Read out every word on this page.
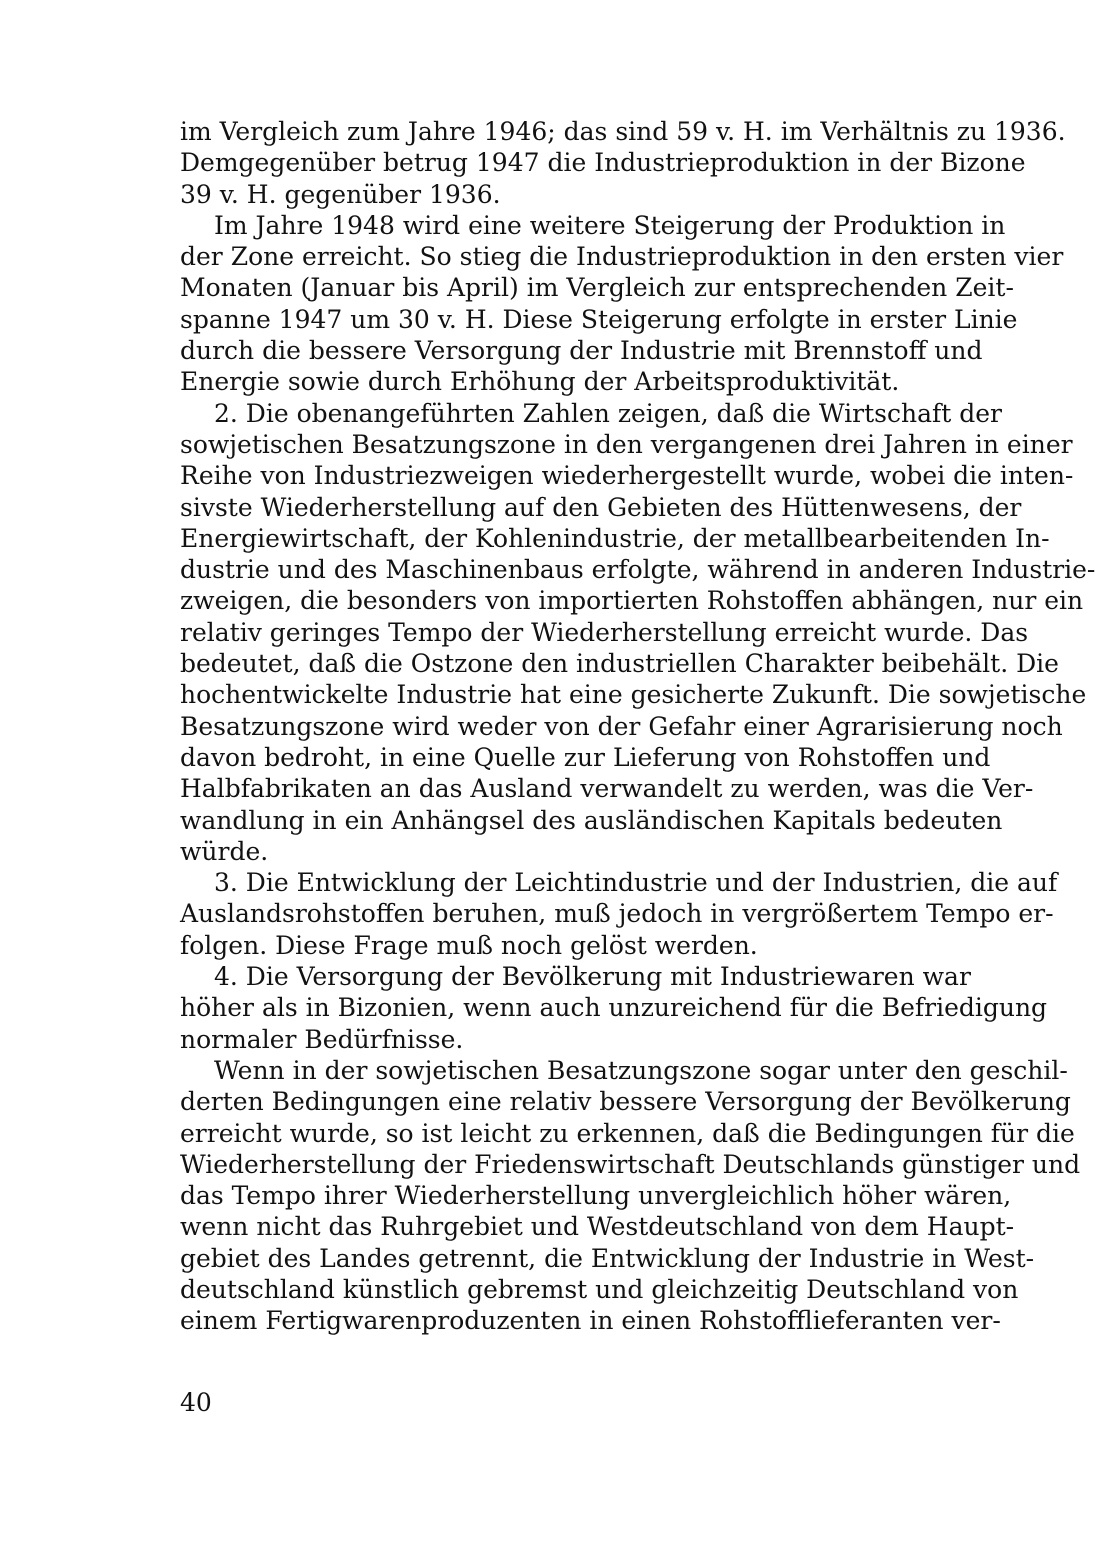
im Vergleich zum Jahre 1946; das sind 59 v. H. im Verhältnis zu 1936.
Demgegenüber betrug 1947 die Industrieproduktion in der Bizone
39 v. H. gegenüber 1936.
Im Jahre 1948 wird eine weitere Steigerung der Produktion in
der Zone erreicht. So stieg die Industrieproduktion in den ersten vier
Monaten (Januar bis April) im Vergleich zur entsprechenden Zeit-
spanne 1947 um 30 v. H. Diese Steigerung erfolgte in erster Linie
durch die bessere Versorgung der Industrie mit Brennstoff und
Energie sowie durch Erhöhung der Arbeitsproduktivität.
2. Die obenangeführten Zahlen zeigen, daß die Wirtschaft der
sowjetischen Besatzungszone in den vergangenen drei Jahren in einer
Reihe von Industriezweigen wiederhergestellt wurde, wobei die inten-
sivste Wiederherstellung auf den Gebieten des Hüttenwesens, der
Energiewirtschaft, der Kohlenindustrie, der metallbearbeitenden In-
dustrie und des Maschinenbaus erfolgte, während in anderen Industrie-
zweigen, die besonders von importierten Rohstoffen abhängen, nur ein
relativ geringes Tempo der Wiederherstellung erreicht wurde. Das
bedeutet, daß die Ostzone den industriellen Charakter beibehält. Die
hochentwickelte Industrie hat eine gesicherte Zukunft. Die sowjetische
Besatzungszone wird weder von der Gefahr einer Agrarisierung noch
davon bedroht, in eine Quelle zur Lieferung von Rohstoffen und
Halbfabrikaten an das Ausland verwandelt zu werden, was die Ver-
wandlung in ein Anhängsel des ausländischen Kapitals bedeuten
würde.
3. Die Entwicklung der Leichtindustrie und der Industrien, die auf
Auslandsrohstoffen beruhen, muß jedoch in vergrößertem Tempo er-
folgen. Diese Frage muß noch gelöst werden.
4. Die Versorgung der Bevölkerung mit Industriewaren war
höher als in Bizonien, wenn auch unzureichend für die Befriedigung
normaler Bedürfnisse.
Wenn in der sowjetischen Besatzungszone sogar unter den geschil-
derten Bedingungen eine relativ bessere Versorgung der Bevölkerung
erreicht wurde, so ist leicht zu erkennen, daß die Bedingungen für die
Wiederherstellung der Friedenswirtschaft Deutschlands günstiger und
das Tempo ihrer Wiederherstellung unvergleichlich höher wären,
wenn nicht das Ruhrgebiet und Westdeutschland von dem Haupt-
gebiet des Landes getrennt, die Entwicklung der Industrie in West-
deutschland künstlich gebremst und gleichzeitig Deutschland von
einem Fertigwarenproduzenten in einen Rohstofflieferanten ver-
40
